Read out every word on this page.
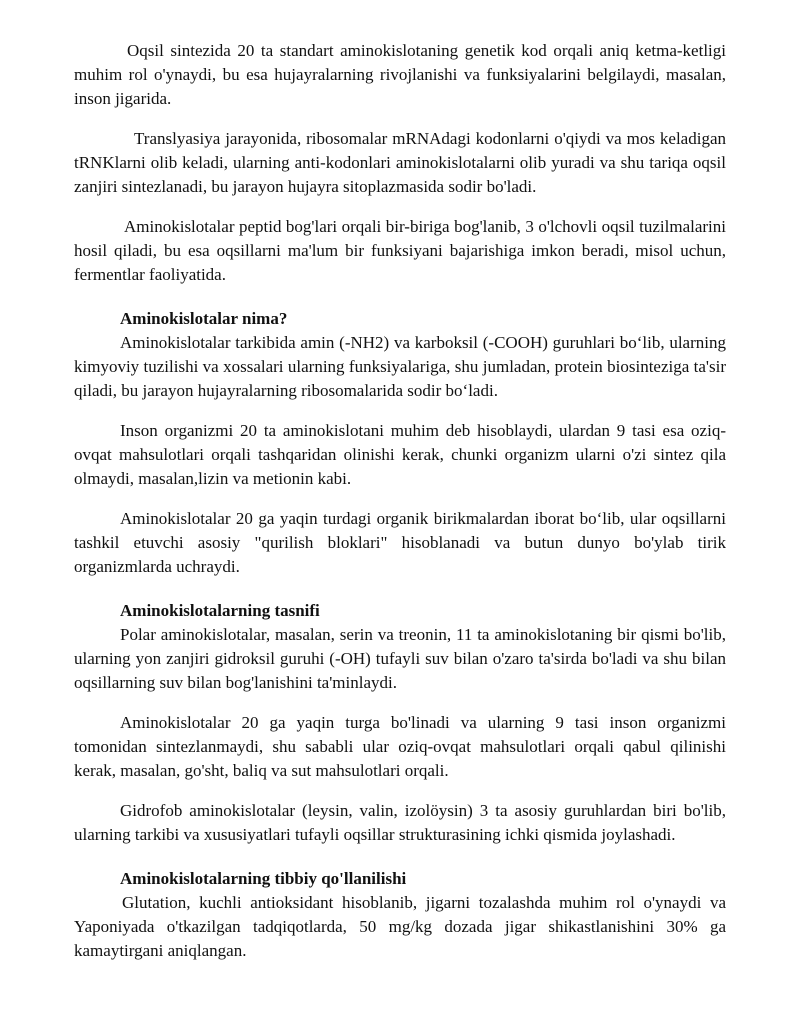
Oqsil sintezida 20 ta standart aminokislotaning genetik kod orqali aniq ketma-ketligi muhim rol o'ynaydi, bu esa hujayralarning rivojlanishi va funksiyalarini belgilaydi, masalan, inson jigarida.

Translyasiya jarayonida, ribosomalar mRNAdagi kodonlarni o'qiydi va mos keladigan tRNKlarni olib keladi, ularning anti-kodonlari aminokislotalarni olib yuradi va shu tariqa oqsil zanjiri sintezlanadi, bu jarayon hujayra sitoplazmasida sodir bo'ladi.

Aminokislotalar peptid bog'lari orqali bir-biriga bog'lanib, 3 o'lchovli oqsil tuzilmalarini hosil qiladi, bu esa oqsillarni ma'lum bir funksiyani bajarishiga imkon beradi, misol uchun, fermentlar faoliyatida.

Aminokislotalar nima?

Aminokislotalar tarkibida amin (-NH2) va karboksil (-COOH) guruhlari bo‘lib, ularning kimyoviy tuzilishi va xossalari ularning funksiyalariga, shu jumladan, protein biosinteziga ta'sir qiladi, bu jarayon hujayralarning ribosomalarida sodir bo‘ladi.

Inson organizmi 20 ta aminokislotani muhim deb hisoblaydi, ulardan 9 tasi esa oziq-ovqat mahsulotlari orqali tashqaridan olinishi kerak, chunki organizm ularni o'zi sintez qila olmaydi, masalan,lizin va metionin kabi.

Aminokislotalar 20 ga yaqin turdagi organik birikmalardan iborat bo‘lib, ular oqsillarni tashkil etuvchi asosiy "qurilish bloklari" hisoblanadi va butun dunyo bo'ylab tirik organizmlarda uchraydi.

Aminokislotalarning tasnifi

Polar aminokislotalar, masalan, serin va treonin, 11 ta aminokislotaning bir qismi bo'lib, ularning yon zanjiri gidroksil guruhi (-OH) tufayli suv bilan o'zaro ta'sirda bo'ladi va shu bilan oqsillarning suv bilan bog'lanishini ta'minlaydi.

Aminokislotalar 20 ga yaqin turga bo'linadi va ularning 9 tasi inson organizmi tomonidan sintezlanmaydi, shu sababli ular oziq-ovqat mahsulotlari orqali qabul qilinishi kerak, masalan, go'sht, baliq va sut mahsulotlari orqali.

Gidrofob aminokislotalar (leysin, valin, izolöysin) 3 ta asosiy guruhlardan biri bo'lib, ularning tarkibi va xususiyatlari tufayli oqsillar strukturasining ichki qismida joylashadi.

Aminokislotalarning tibbiy qo'llanilishi

Glutation, kuchli antioksidant hisoblanib, jigarni tozalashda muhim rol o'ynaydi va Yaponiyada o'tkazilgan tadqiqotlarda, 50 mg/kg dozada jigar shikastlanishini 30% ga kamaytirgani aniqlangan.
